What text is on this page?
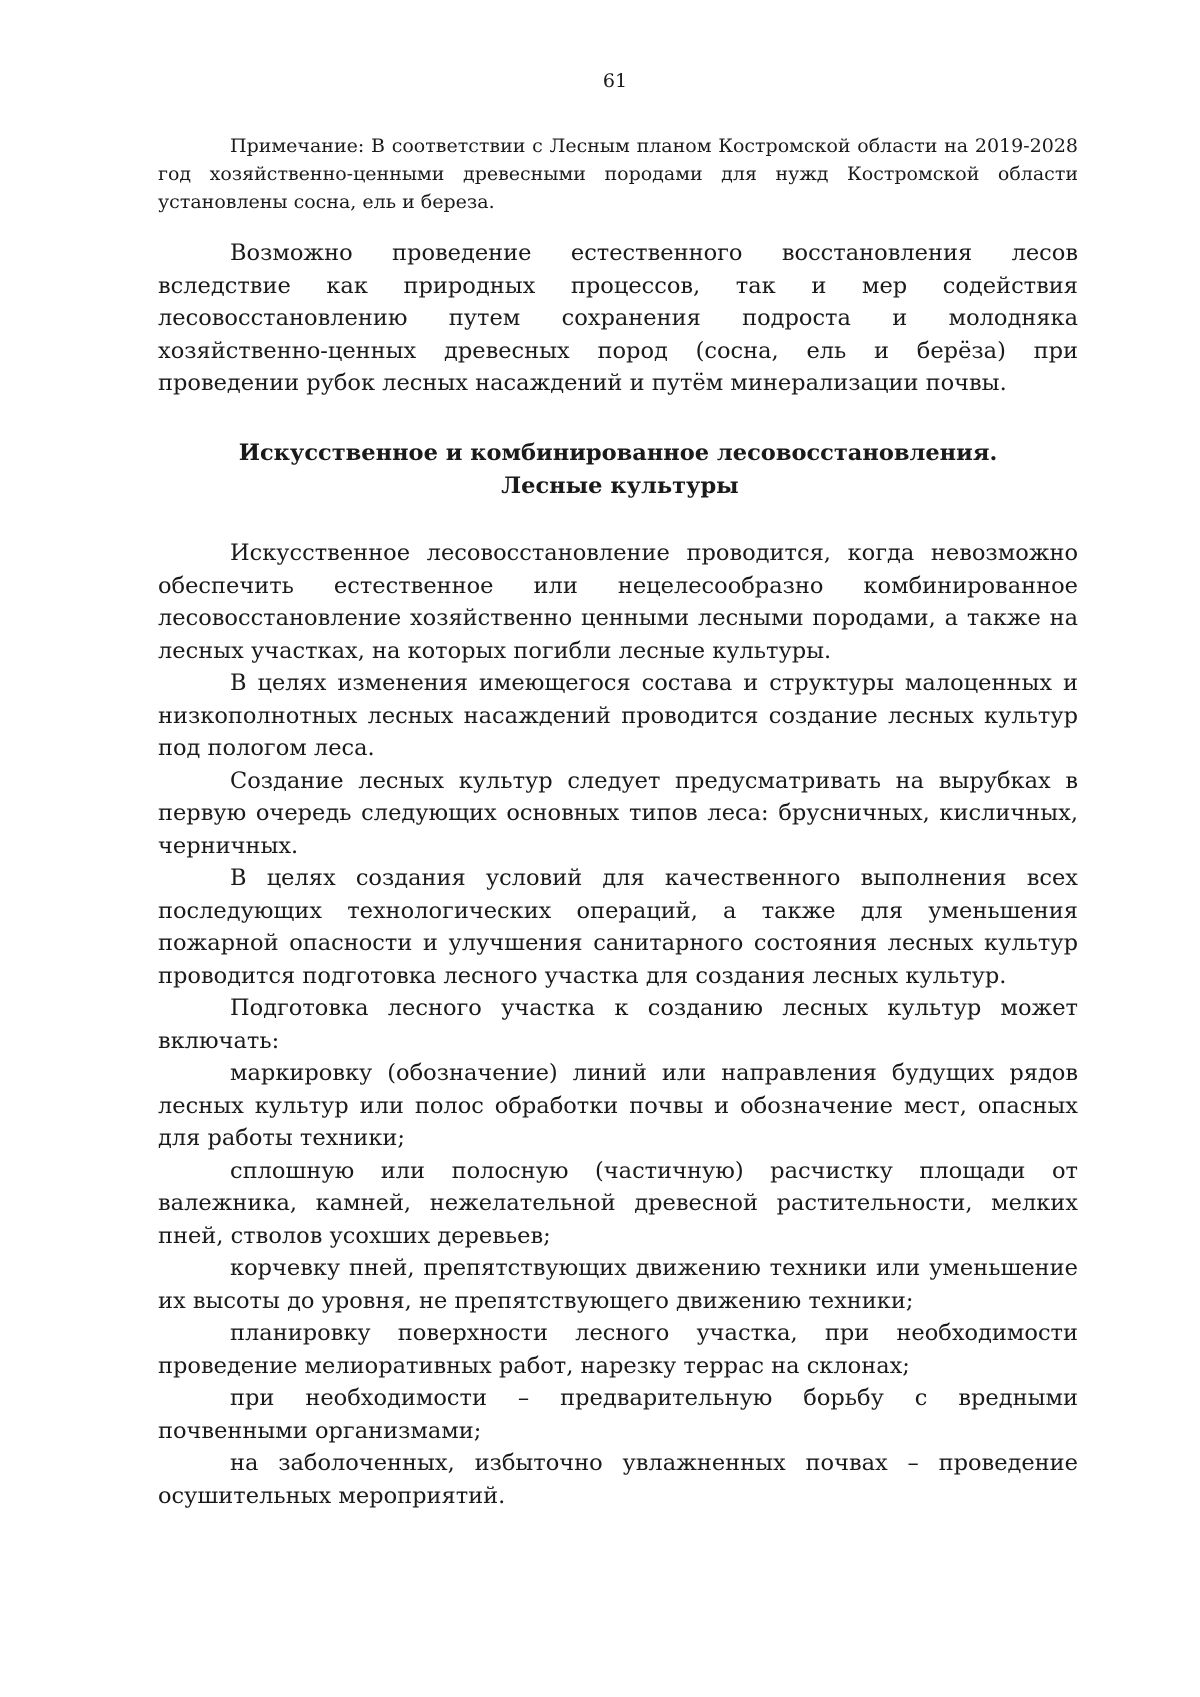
61

Примечание: В соответствии с Лесным планом Костромской области на 2019-2028 год хозяйственно-ценными древесными породами для нужд Костромской области установлены сосна, ель и береза.

Возможно проведение естественного восстановления лесов вследствие как природных процессов, так и мер содействия лесовосстановлению путем сохранения подроста и молодняка хозяйственно-ценных древесных пород (сосна, ель и берёза) при проведении рубок лесных насаждений и путём минерализации почвы.

Искусственное и комбинированное лесовосстановления.
Лесные культуры

Искусственное лесовосстановление проводится, когда невозможно обеспечить естественное или нецелесообразно комбинированное лесовосстановление хозяйственно ценными лесными породами, а также на лесных участках, на которых погибли лесные культуры.

В целях изменения имеющегося состава и структуры малоценных и низкополнотных лесных насаждений проводится создание лесных культур под пологом леса.

Создание лесных культур следует предусматривать на вырубках в первую очередь следующих основных типов леса: брусничных, кисличных, черничных.

В целях создания условий для качественного выполнения всех последующих технологических операций, а также для уменьшения пожарной опасности и улучшения санитарного состояния лесных культур проводится подготовка лесного участка для создания лесных культур.

Подготовка лесного участка к созданию лесных культур может включать:

маркировку (обозначение) линий или направления будущих рядов лесных культур или полос обработки почвы и обозначение мест, опасных для работы техники;

сплошную или полосную (частичную) расчистку площади от валежника, камней, нежелательной древесной растительности, мелких пней, стволов усохших деревьев;

корчевку пней, препятствующих движению техники или уменьшение их высоты до уровня, не препятствующего движению техники;

планировку поверхности лесного участка, при необходимости проведение мелиоративных работ, нарезку террас на склонах;

при необходимости – предварительную борьбу с вредными почвенными организмами;

на заболоченных, избыточно увлажненных почвах – проведение осушительных мероприятий.
